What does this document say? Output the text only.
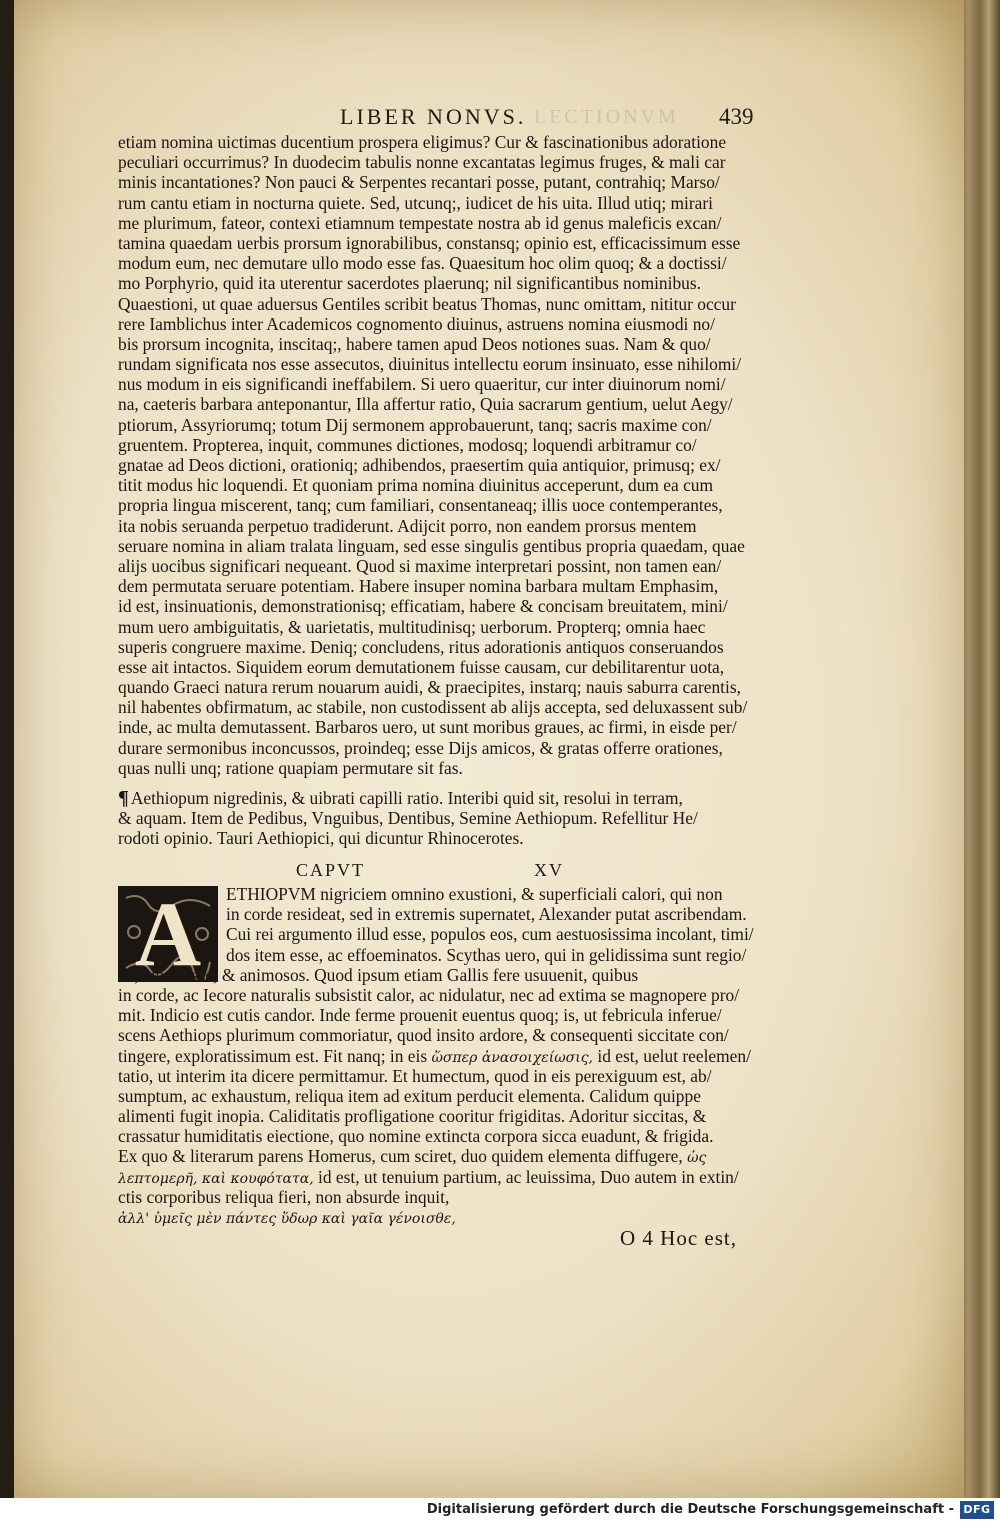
LIBER NONVS. LECTIONVM 439
etiam nomina uictimas ducentium prospera eligimus? Cur & fascinationibus adoratione
peculiari occurrimus? In duodecim tabulis nonne excantatas legimus fruges, & mali car
minis incantationes? Non pauci & Serpentes recantari posse, putant, contrahiq; Marso/
rum cantu etiam in nocturna quiete. Sed, utcunq;, iudicet de his uita. Illud utiq; mirari
me plurimum, fateor, contexi etiamnum tempestate nostra ab id genus maleficis excan/
tamina quaedam uerbis prorsum ignorabilibus, constansq; opinio est, efficacissimum esse
modum eum, nec demutare ullo modo esse fas. Quaesitum hoc olim quoq; & a doctissi/
mo Porphyrio, quid ita uterentur sacerdotes plaerunq; nil significantibus nominibus.
Quaestioni, ut quae aduersus Gentiles scribit beatus Thomas, nunc omittam, nititur occur
rere Iamblichus inter Academicos cognomento diuinus, astruens nomina eiusmodi no/
bis prorsum incognita, inscitaq;, habere tamen apud Deos notiones suas. Nam & quo/
rundam significata nos esse assecutos, diuinitus intellectu eorum insinuato, esse nihilomi/
nus modum in eis significandi ineffabilem. Si uero quaeritur, cur inter diuinorum nomi/
na, caeteris barbara anteponantur, Illa affertur ratio, Quia sacrarum gentium, uelut Aegy/
ptiorum, Assyriorumq; totum Dij sermonem approbauerunt, tanq; sacris maxime con/
gruentem. Propterea, inquit, communes dictiones, modosq; loquendi arbitramur co/
gnatae ad Deos dictioni, orationiq; adhibendos, praesertim quia antiquior, primusq; ex/
titit modus hic loquendi. Et quoniam prima nomina diuinitus acceperunt, dum ea cum
propria lingua miscerent, tanq; cum familiari, consentaneaq; illis uoce contemperantes,
ita nobis seruanda perpetuo tradiderunt. Adijcit porro, non eandem prorsus mentem
seruare nomina in aliam tralata linguam, sed esse singulis gentibus propria quaedam, quae
alijs uocibus significari nequeant. Quod si maxime interpretari possint, non tamen ean/
dem permutata seruare potentiam. Habere insuper nomina barbara multam Emphasim,
id est, insinuationis, demonstrationisq; efficatiam, habere & concisam breuitatem, mini/
mum uero ambiguitatis, & uarietatis, multitudinisq; uerborum. Propterq; omnia haec
superis congruere maxime. Deniq; concludens, ritus adorationis antiquos conseruandos
esse ait intactos. Siquidem eorum demutationem fuisse causam, cur debilitarentur uota,
quando Graeci natura rerum nouarum auidi, & praecipites, instarq; nauis saburra carentis,
nil habentes obfirmatum, ac stabile, non custodissent ab alijs accepta, sed deluxassent sub/
inde, ac multa demutassent. Barbaros uero, ut sunt moribus graues, ac firmi, in eisde per/
durare sermonibus inconcussos, proindeq; esse Dijs amicos, & gratas offerre orationes,
quas nulli unq; ratione quapiam permutare sit fas.
¶ Aethiopum nigredinis, & uibrati capilli ratio. Interibi quid sit, resolui in terram,
& aquam. Item de Pedibus, Vnguibus, Dentibus, Semine Aethiopum. Refellitur He/
rodoti opinio. Tauri Aethiopici, qui dicuntur Rhinocerotes.
CAPVT	XV
A	ETHIOPVM nigriciem omnino exustioni, & superficiali calori, qui non
in corde resideat, sed in extremis supernatet, Alexander putat ascribendam.
Cui rei argumento illud esse, populos eos, cum aestuosissima incolant, timi/
dos item esse, ac effoeminatos. Scythas uero, qui in gelidissima sunt regio/
ne, albos esse, & animosos. Quod ipsum etiam Gallis fere usuuenit, quibus
in corde, ac Iecore naturalis subsistit calor, ac nidulatur, nec ad extima se magnopere pro/
mit. Indicio est cutis candor. Inde ferme prouenit euentus quoq; is, ut febricula inferue/
scens Aethiops plurimum commoriatur, quod insito ardore, & consequenti siccitate con/
tingere, exploratissimum est. Fit nanq; in eis ὥσπερ ἀνασοιχείωσις, id est, uelut reelemen/
tatio, ut interim ita dicere permittamur. Et humectum, quod in eis perexiguum est, ab/
sumptum, ac exhaustum, reliqua item ad exitum perducit elementa. Calidum quippe
alimenti fugit inopia. Caliditatis profligatione cooritur frigiditas. Adoritur siccitas, &
crassatur humiditatis eiectione, quo nomine extincta corpora sicca euadunt, & frigida.
Ex quo & literarum parens Homerus, cum sciret, duo quidem elementa diffugere, ὡς
λεπτομερῆ, καὶ κουφότατα, id est, ut tenuium partium, ac leuissima, Duo autem in extin/
ctis corporibus reliqua fieri, non absurde inquit,
ἀλλ' ὑμεῖς μὲν πάντες ὕδωρ καὶ γαῖα γένοισθε,
O 4 Hoc est,
Digitalisierung gefördert durch die Deutsche Forschungsgemeinschaft - DFG
